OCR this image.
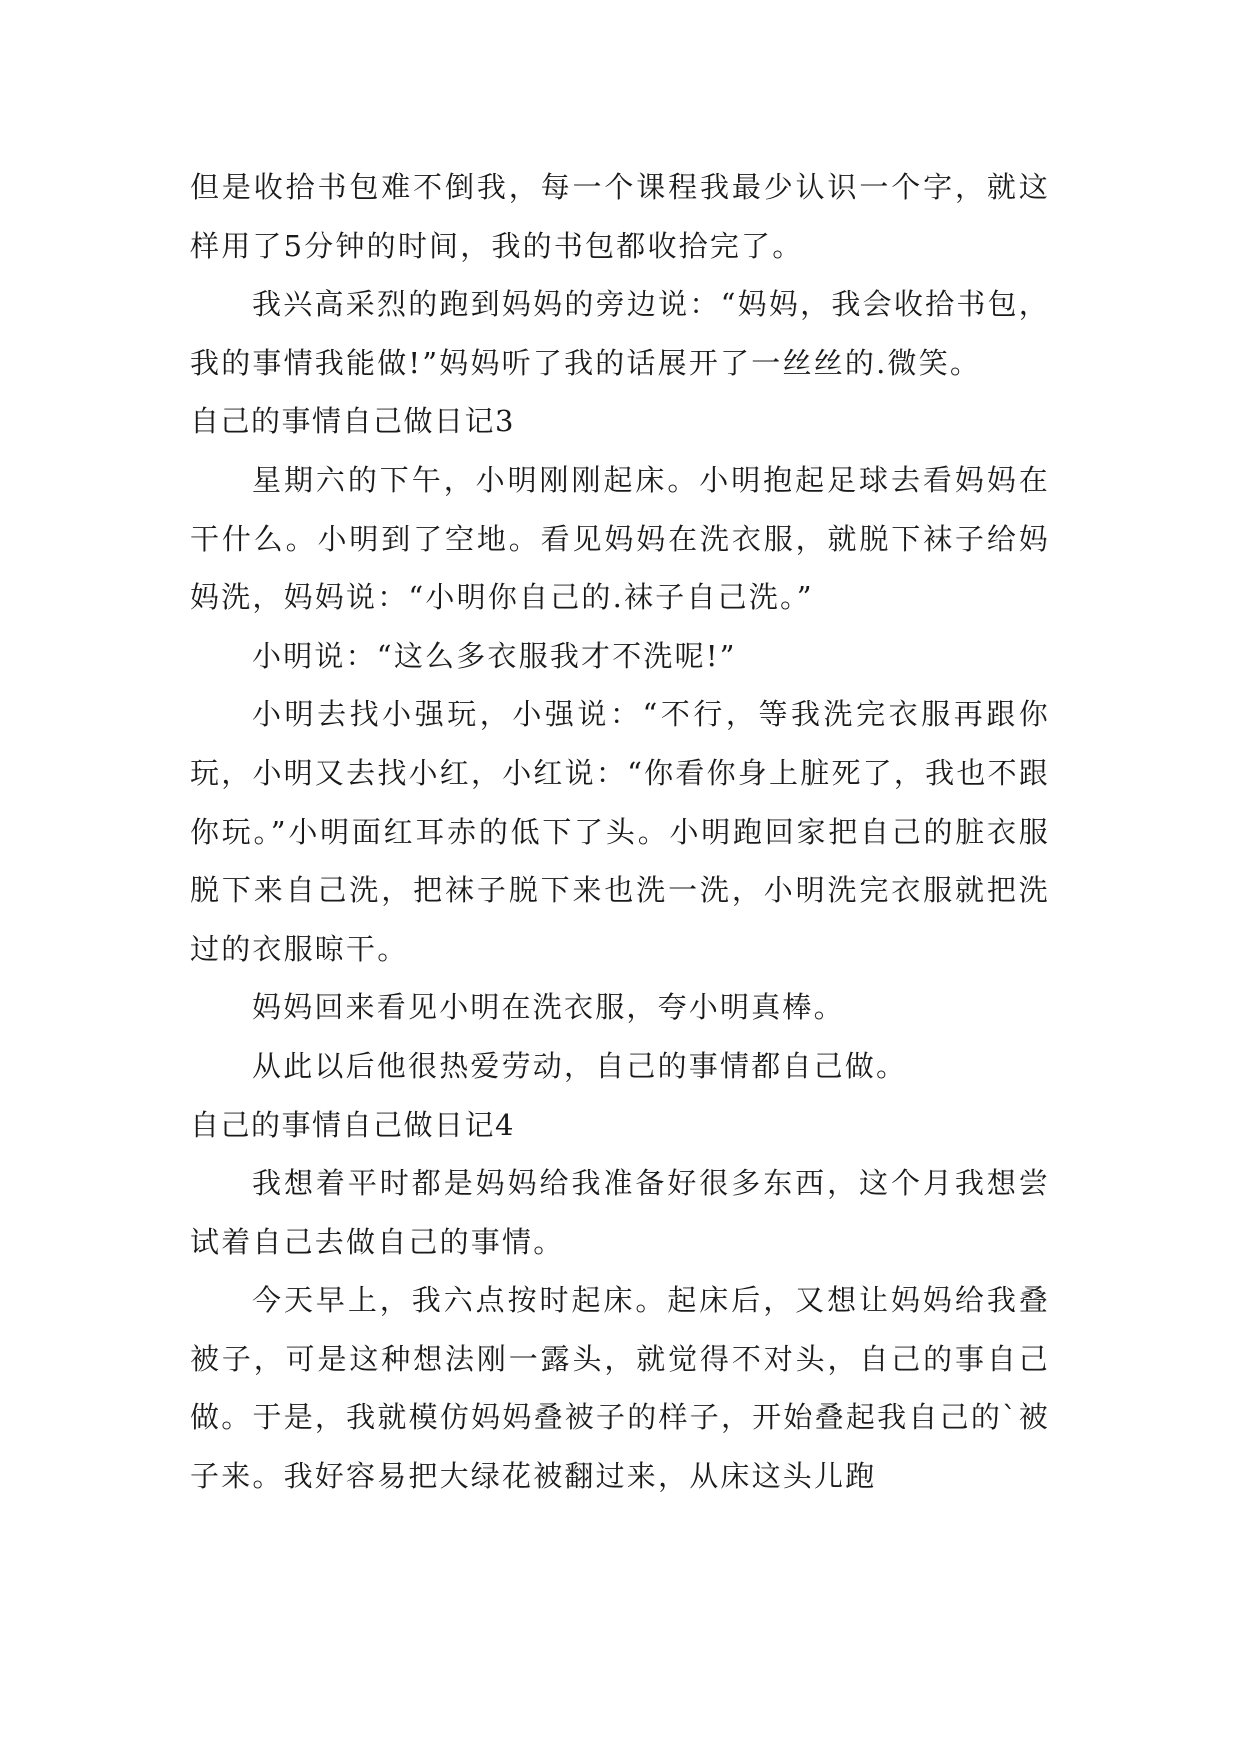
但是收拾书包难不倒我，每一个课程我最少认识一个字，就这样用了5分钟的时间，我的书包都收拾完了。

我兴高采烈的跑到妈妈的旁边说：“妈妈，我会收拾书包，我的事情我能做!”妈妈听了我的话展开了一丝丝的.微笑。

自己的事情自己做日记3

星期六的下午，小明刚刚起床。小明抱起足球去看妈妈在干什么。小明到了空地。看见妈妈在洗衣服，就脱下袜子给妈妈洗，妈妈说：“小明你自己的.袜子自己洗。”

小明说：“这么多衣服我才不洗呢!”

小明去找小强玩，小强说：“不行，等我洗完衣服再跟你玩，小明又去找小红，小红说：“你看你身上脏死了，我也不跟你玩。”小明面红耳赤的低下了头。小明跑回家把自己的脏衣服脱下来自己洗，把袜子脱下来也洗一洗，小明洗完衣服就把洗过的衣服晾干。

妈妈回来看见小明在洗衣服，夸小明真棒。

从此以后他很热爱劳动，自己的事情都自己做。

自己的事情自己做日记4

我想着平时都是妈妈给我准备好很多东西，这个月我想尝试着自己去做自己的事情。

今天早上，我六点按时起床。起床后，又想让妈妈给我叠被子，可是这种想法刚一露头，就觉得不对头，自己的事自己做。于是，我就模仿妈妈叠被子的样子，开始叠起我自己的`被子来。我好容易把大绿花被翻过来，从床这头儿跑
